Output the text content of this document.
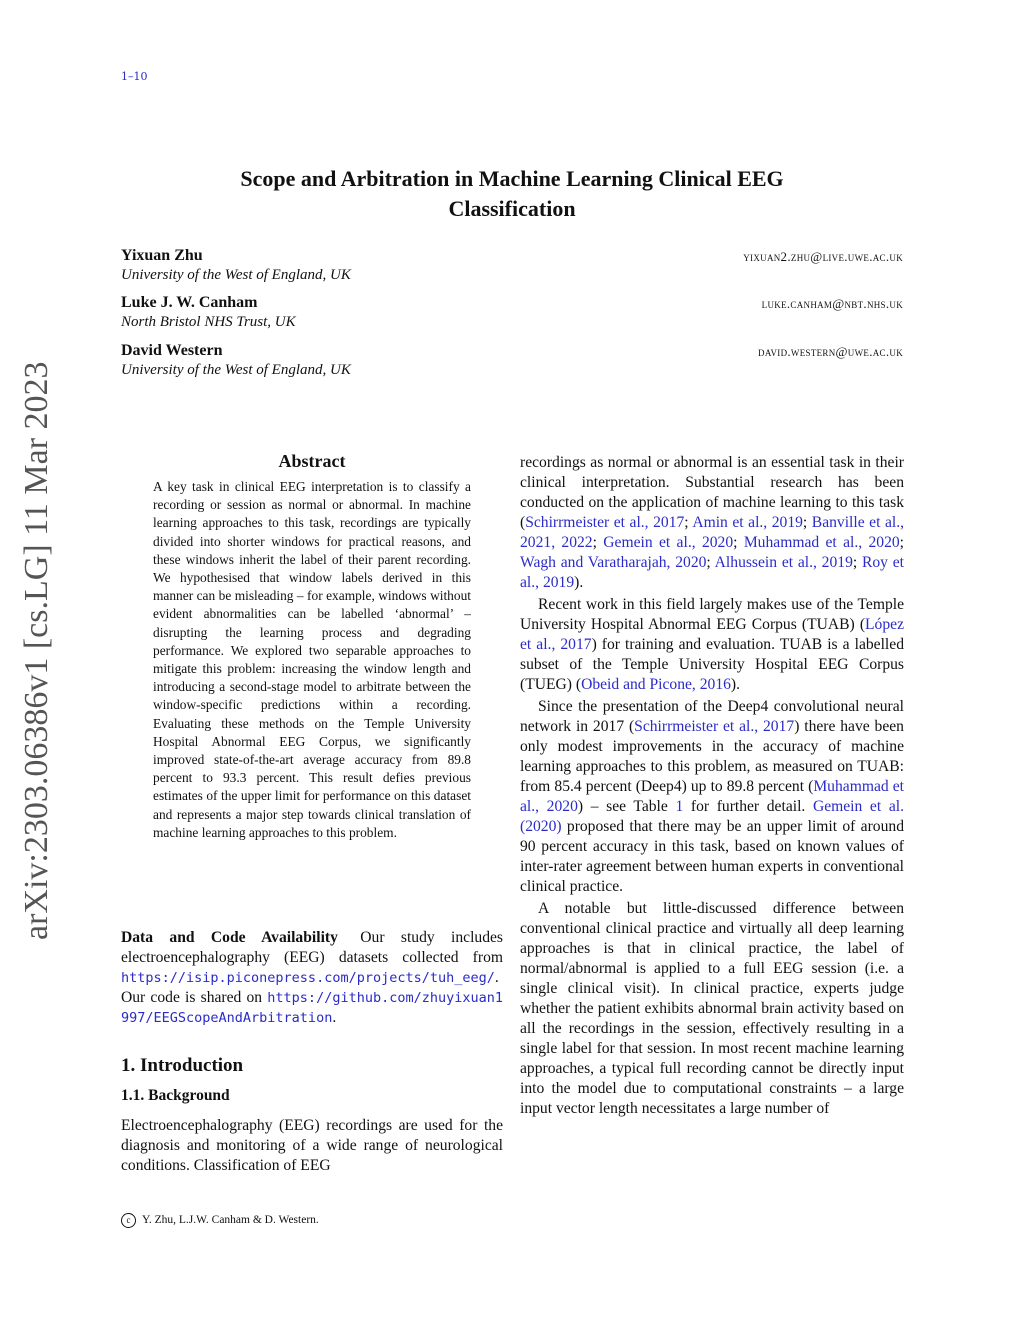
1–10
arXiv:2303.06386v1 [cs.LG] 11 Mar 2023
Scope and Arbitration in Machine Learning Clinical EEG
Classification
Yixuan Zhu	yixuan2.zhu@live.uwe.ac.uk
University of the West of England, UK
Luke J. W. Canham	luke.canham@nbt.nhs.uk
North Bristol NHS Trust, UK
David Western	david.western@uwe.ac.uk
University of the West of England, UK
Abstract

A key task in clinical EEG interpretation is to classify a recording or session as normal or abnormal. In machine learning approaches to this task, recordings are typically divided into shorter windows for practical reasons, and these windows inherit the label of their parent recording. We hypothesised that window labels derived in this manner can be misleading – for example, windows without evident abnormalities can be labelled ‘abnormal’ – disrupting the learning process and degrading performance. We explored two separable approaches to mitigate this problem: increasing the window length and introducing a second-stage model to arbitrate between the window-specific predictions within a recording. Evaluating these methods on the Temple University Hospital Abnormal EEG Corpus, we significantly improved state-of-the-art average accuracy from 89.8 percent to 93.3 percent. This result defies previous estimates of the upper limit for performance on this dataset and represents a major step towards clinical translation of machine learning approaches to this problem.

Data and Code Availability Our study includes electroencephalography (EEG) datasets collected from https://isip.piconepress.com/projects/tuh_eeg/. Our code is shared on https://github.com/zhuyixuan1997/EEGScopeAndArbitration.

1. Introduction
1.1. Background

Electroencephalography (EEG) recordings are used for the diagnosis and monitoring of a wide range of neurological conditions. Classification of EEG

recordings as normal or abnormal is an essential task in their clinical interpretation. Substantial research has been conducted on the application of machine learning to this task (Schirrmeister et al., 2017; Amin et al., 2019; Banville et al., 2021, 2022; Gemein et al., 2020; Muhammad et al., 2020; Wagh and Varatharajah, 2020; Alhussein et al., 2019; Roy et al., 2019).

Recent work in this field largely makes use of the Temple University Hospital Abnormal EEG Corpus (TUAB) (López et al., 2017) for training and evaluation. TUAB is a labelled subset of the Temple University Hospital EEG Corpus (TUEG) (Obeid and Picone, 2016).

Since the presentation of the Deep4 convolutional neural network in 2017 (Schirrmeister et al., 2017) there have been only modest improvements in the accuracy of machine learning approaches to this problem, as measured on TUAB: from 85.4 percent (Deep4) up to 89.8 percent (Muhammad et al., 2020) – see Table 1 for further detail. Gemein et al. (2020) proposed that there may be an upper limit of around 90 percent accuracy in this task, based on known values of inter-rater agreement between human experts in conventional clinical practice.

A notable but little-discussed difference between conventional clinical practice and virtually all deep learning approaches is that in clinical practice, the label of normal/abnormal is applied to a full EEG session (i.e. a single clinical visit). In clinical practice, experts judge whether the patient exhibits abnormal brain activity based on all the recordings in the session, effectively resulting in a single label for that session. In most recent machine learning approaches, a typical full recording cannot be directly input into the model due to computational constraints – a large input vector length necessitates a large number of

c Y. Zhu, L.J.W. Canham & D. Western.
